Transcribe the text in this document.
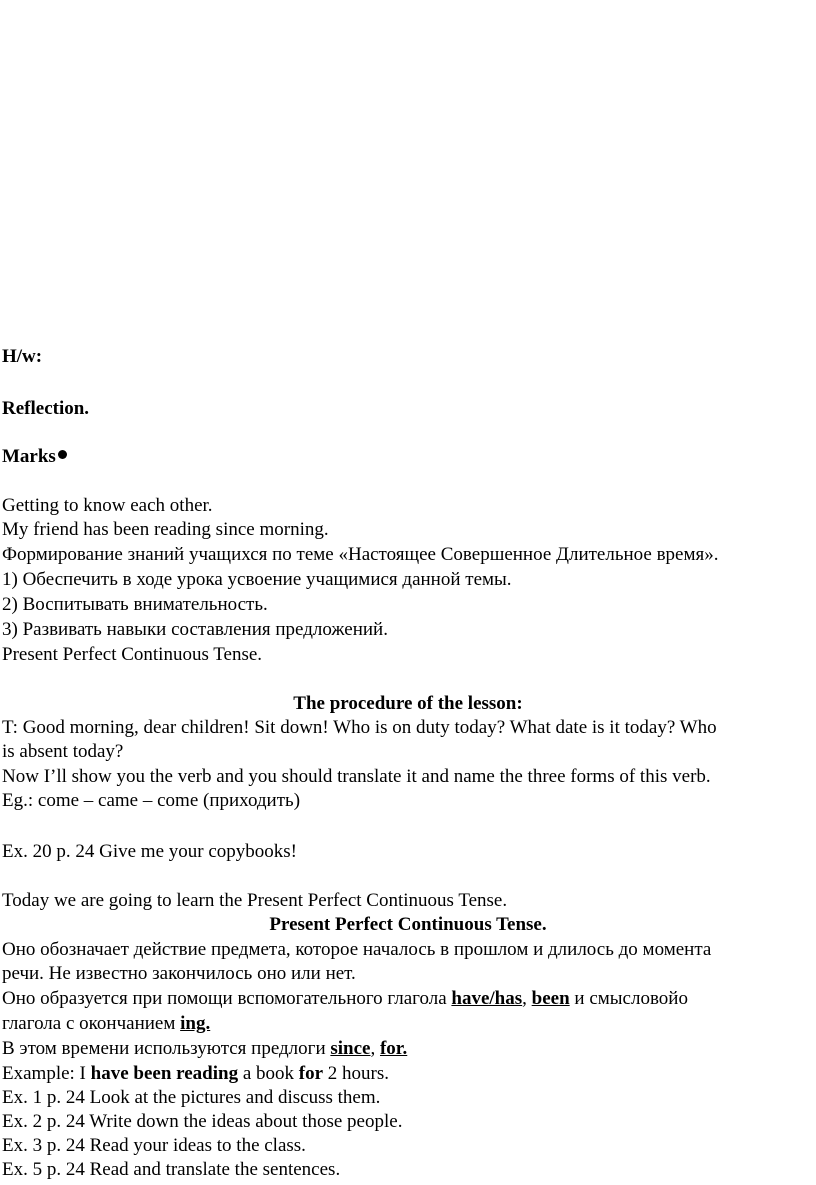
H/w:
Reflection.
Marks
Getting to know each other.
My friend has been reading since morning.
Формирование знаний учащихся по теме «Настоящее Совершенное Длительное время».
1) Обеспечить в ходе урока усвоение учащимися данной темы.
2) Воспитывать внимательность.
3) Развивать навыки составления предложений.
Present Perfect Continuous Tense.
The procedure of the lesson:
T: Good morning, dear children! Sit down! Who is on duty today? What date is it today? Who
is absent today?
Now I’ll show you the verb and you should translate it and name the three forms of this verb.
Eg.: come – came – come (приходить)
Ex. 20 p. 24 Give me your copybooks!
Today we are going to learn the Present Perfect Continuous Tense.
Present Perfect Continuous Tense.
Оно обозначает действие предмета, которое началось в прошлом и длилось до момента
речи. Не известно закончилось оно или нет.
Оно образуется при помощи вспомогательного глагола have/has, been и смысловойо
глагола с окончанием ing.
В этом времени используются предлоги since, for.
Example: I have been reading a book for 2 hours.
Ex. 1 p. 24 Look at the pictures and discuss them.
Ex. 2 p. 24 Write down the ideas about those people.
Ex. 3 p. 24 Read your ideas to the class.
Ex. 5 p. 24 Read and translate the sentences.
